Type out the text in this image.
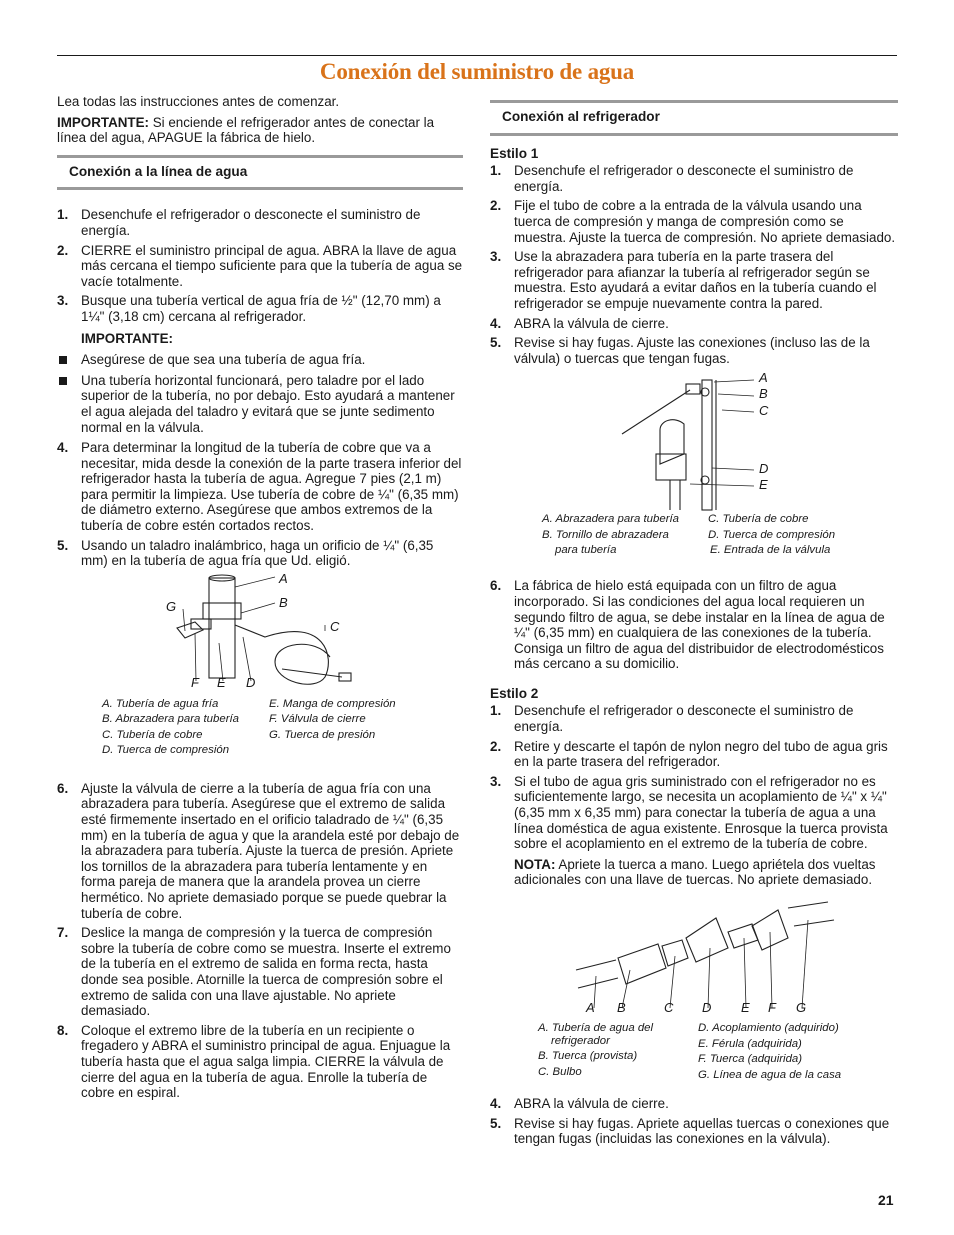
Conexión del suministro de agua

Lea todas las instrucciones antes de comenzar.

IMPORTANTE: Si enciende el refrigerador antes de conectar la línea del agua, APAGUE la fábrica de hielo.

Conexión a la línea de agua
1. Desenchufe el refrigerador o desconecte el suministro de energía.
2. CIERRE el suministro principal de agua. ABRA la llave de agua más cercana el tiempo suficiente para que la tubería de agua se vacíe totalmente.
3. Busque una tubería vertical de agua fría de ½" (12,70 mm) a 1¼" (3,18 cm) cercana al refrigerador.

IMPORTANTE:

Asegúrese de que sea una tubería de agua fría.
Una tubería horizontal funcionará, pero taladre por el lado superior de la tubería, no por debajo. Esto ayudará a mantener el agua alejada del taladro y evitará que se junte sedimento normal en la válvula.
4. Para determinar la longitud de la tubería de cobre que va a necesitar, mida desde la conexión de la parte trasera inferior del refrigerador hasta la tubería de agua. Agregue 7 pies (2,1 m) para permitir la limpieza. Use tubería de cobre de ¼" (6,35 mm) de diámetro externo. Asegúrese que ambos extremos de la tubería de cobre estén cortados rectos.
5. Usando un taladro inalámbrico, haga un orificio de ¼" (6,35 mm) en la tubería de agua fría que Ud. eligió.
A
B
C
G
F E D
A. Tubería de agua fría
B. Abrazadera para tubería
C. Tubería de cobre
D. Tuerca de compresión
E. Manga de compresión
F. Válvula de cierre
G. Tuerca de presión
6. Ajuste la válvula de cierre a la tubería de agua fría con una abrazadera para tubería. Asegúrese que el extremo de salida esté firmemente insertado en el orificio taladrado de ¼" (6,35 mm) en la tubería de agua y que la arandela esté por debajo de la abrazadera para tubería. Ajuste la tuerca de presión. Apriete los tornillos de la abrazadera para tubería lentamente y en forma pareja de manera que la arandela provea un cierre hermético. No apriete demasiado porque se puede quebrar la tubería de cobre.
7. Deslice la manga de compresión y la tuerca de compresión sobre la tubería de cobre como se muestra. Inserte el extremo de la tubería en el extremo de salida en forma recta, hasta donde sea posible. Atornille la tuerca de compresión sobre el extremo de salida con una llave ajustable. No apriete demasiado.
8. Coloque el extremo libre de la tubería en un recipiente o fregadero y ABRA el suministro principal de agua. Enjuague la tubería hasta que el agua salga limpia. CIERRE la válvula de cierre del agua en la tubería de agua. Enrolle la tubería de cobre en espiral.
Conexión al refrigerador

Estilo 1

1. Desenchufe el refrigerador o desconecte el suministro de energía.
2. Fije el tubo de cobre a la entrada de la válvula usando una tuerca de compresión y manga de compresión como se muestra. Ajuste la tuerca de compresión. No apriete demasiado.
3. Use la abrazadera para tubería en la parte trasera del refrigerador para afianzar la tubería al refrigerador según se muestra. Esto ayudará a evitar daños en la tubería cuando el refrigerador se empuje nuevamente contra la pared.
4. ABRA la válvula de cierre.
5. Revise si hay fugas. Ajuste las conexiones (incluso las de la válvula) o tuercas que tengan fugas.
A
B
C
D
E
A. Abrazadera para tubería
B. Tornillo de abrazadera
para tubería
C. Tubería de cobre
D. Tuerca de compresión
E. Entrada de la válvula
6. La fábrica de hielo está equipada con un filtro de agua incorporado. Si las condiciones del agua local requieren un segundo filtro de agua, se debe instalar en la línea de agua de ¼" (6,35 mm) en cualquiera de las conexiones de la tubería. Consiga un filtro de agua del distribuidor de electrodomésticos más cercano a su domicilio.

Estilo 2

1. Desenchufe el refrigerador o desconecte el suministro de energía.
2. Retire y descarte el tapón de nylon negro del tubo de agua gris en la parte trasera del refrigerador.
3. Si el tubo de agua gris suministrado con el refrigerador no es suficientemente largo, se necesita un acoplamiento de ¼" x ¼" (6,35 mm x 6,35 mm) para conectar la tubería de agua a una línea doméstica de agua existente. Enrosque la tuerca provista sobre el acoplamiento en el extremo de la tubería de cobre.

NOTA: Apriete la tuerca a mano. Luego apriétela dos vueltas adicionales con una llave de tuercas. No apriete demasiado.

A B	C D E F G
A. Tubería de agua del
refrigerador
B. Tuerca (provista)
C. Bulbo
D. Acoplamiento (adquirido)
E. Férula (adquirida)
F. Tuerca (adquirida)
G. Línea de agua de la casa
4. ABRA la válvula de cierre.
5. Revise si hay fugas. Apriete aquellas tuercas o conexiones que tengan fugas (incluidas las conexiones en la válvula).
21
